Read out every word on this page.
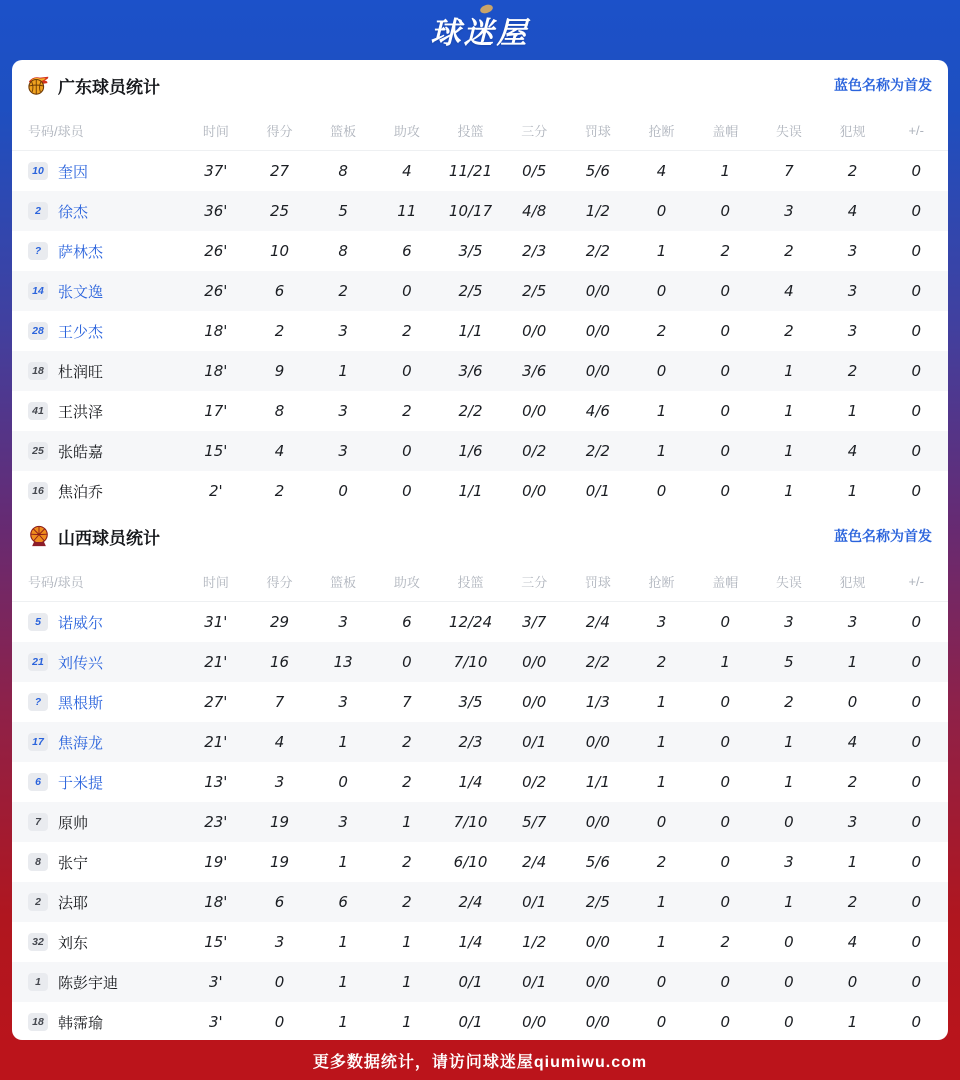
球迷屋
广东球员统计	蓝色名称为首发
号码/球员	时间	得分	篮板	助攻	投篮	三分	罚球	抢断	盖帽	失误	犯规	+/-
10 奎因	37'	27	8	4	11/21	0/5	5/6	4	1	7	2	0
2	徐杰	36'	25	5	11	10/17	4/8	1/2	0	0	3	4	0
?	萨林杰	26'	10	8	6	3/5	2/3	2/2	1	2	2	3	0
14 张文逸	26'	6	2	0	2/5	2/5	0/0	0	0	4	3	0
28 王少杰	18'	2	3	2	1/1	0/0	0/0	2	0	2	3	0
18 杜润旺	18'	9	1	0	3/6	3/6	0/0	0	0	1	2	0
41 王洪泽	17'	8	3	2	2/2	0/0	4/6	1	0	1	1	0
25 张皓嘉	15'	4	3	0	1/6	0/2	2/2	1	0	1	4	0
16 焦泊乔	2'	2	0	0	1/1	0/0	0/1	0	0	1	1	0
山西球员统计	蓝色名称为首发
号码/球员	时间	得分	篮板	助攻	投篮	三分	罚球	抢断	盖帽	失误	犯规	+/-
5	诺威尔	31'	29	3	6	12/24	3/7	2/4	3	0	3	3	0
21 刘传兴	21'	16	13	0	7/10	0/0	2/2	2	1	5	1	0
?	黑根斯	27'	7	3	7	3/5	0/0	1/3	1	0	2	0	0
17 焦海龙	21'	4	1	2	2/3	0/1	0/0	1	0	1	4	0
6	于米提	13'	3	0	2	1/4	0/2	1/1	1	0	1	2	0
7	原帅	23'	19	3	1	7/10	5/7	0/0	0	0	0	3	0
8	张宁	19'	19	1	2	6/10	2/4	5/6	2	0	3	1	0
2	法耶	18'	6	6	2	2/4	0/1	2/5	1	0	1	2	0
32 刘东	15'	3	1	1	1/4	1/2	0/0	1	2	0	4	0
1	陈彭宇迪	3'	0	1	1	0/1	0/1	0/0	0	0	0	0	0
18 韩霈瑜	3'	0	1	1	0/1	0/0	0/0	0	0	0	1	0
更多数据统计，请访问球迷屋qiumiwu.com
